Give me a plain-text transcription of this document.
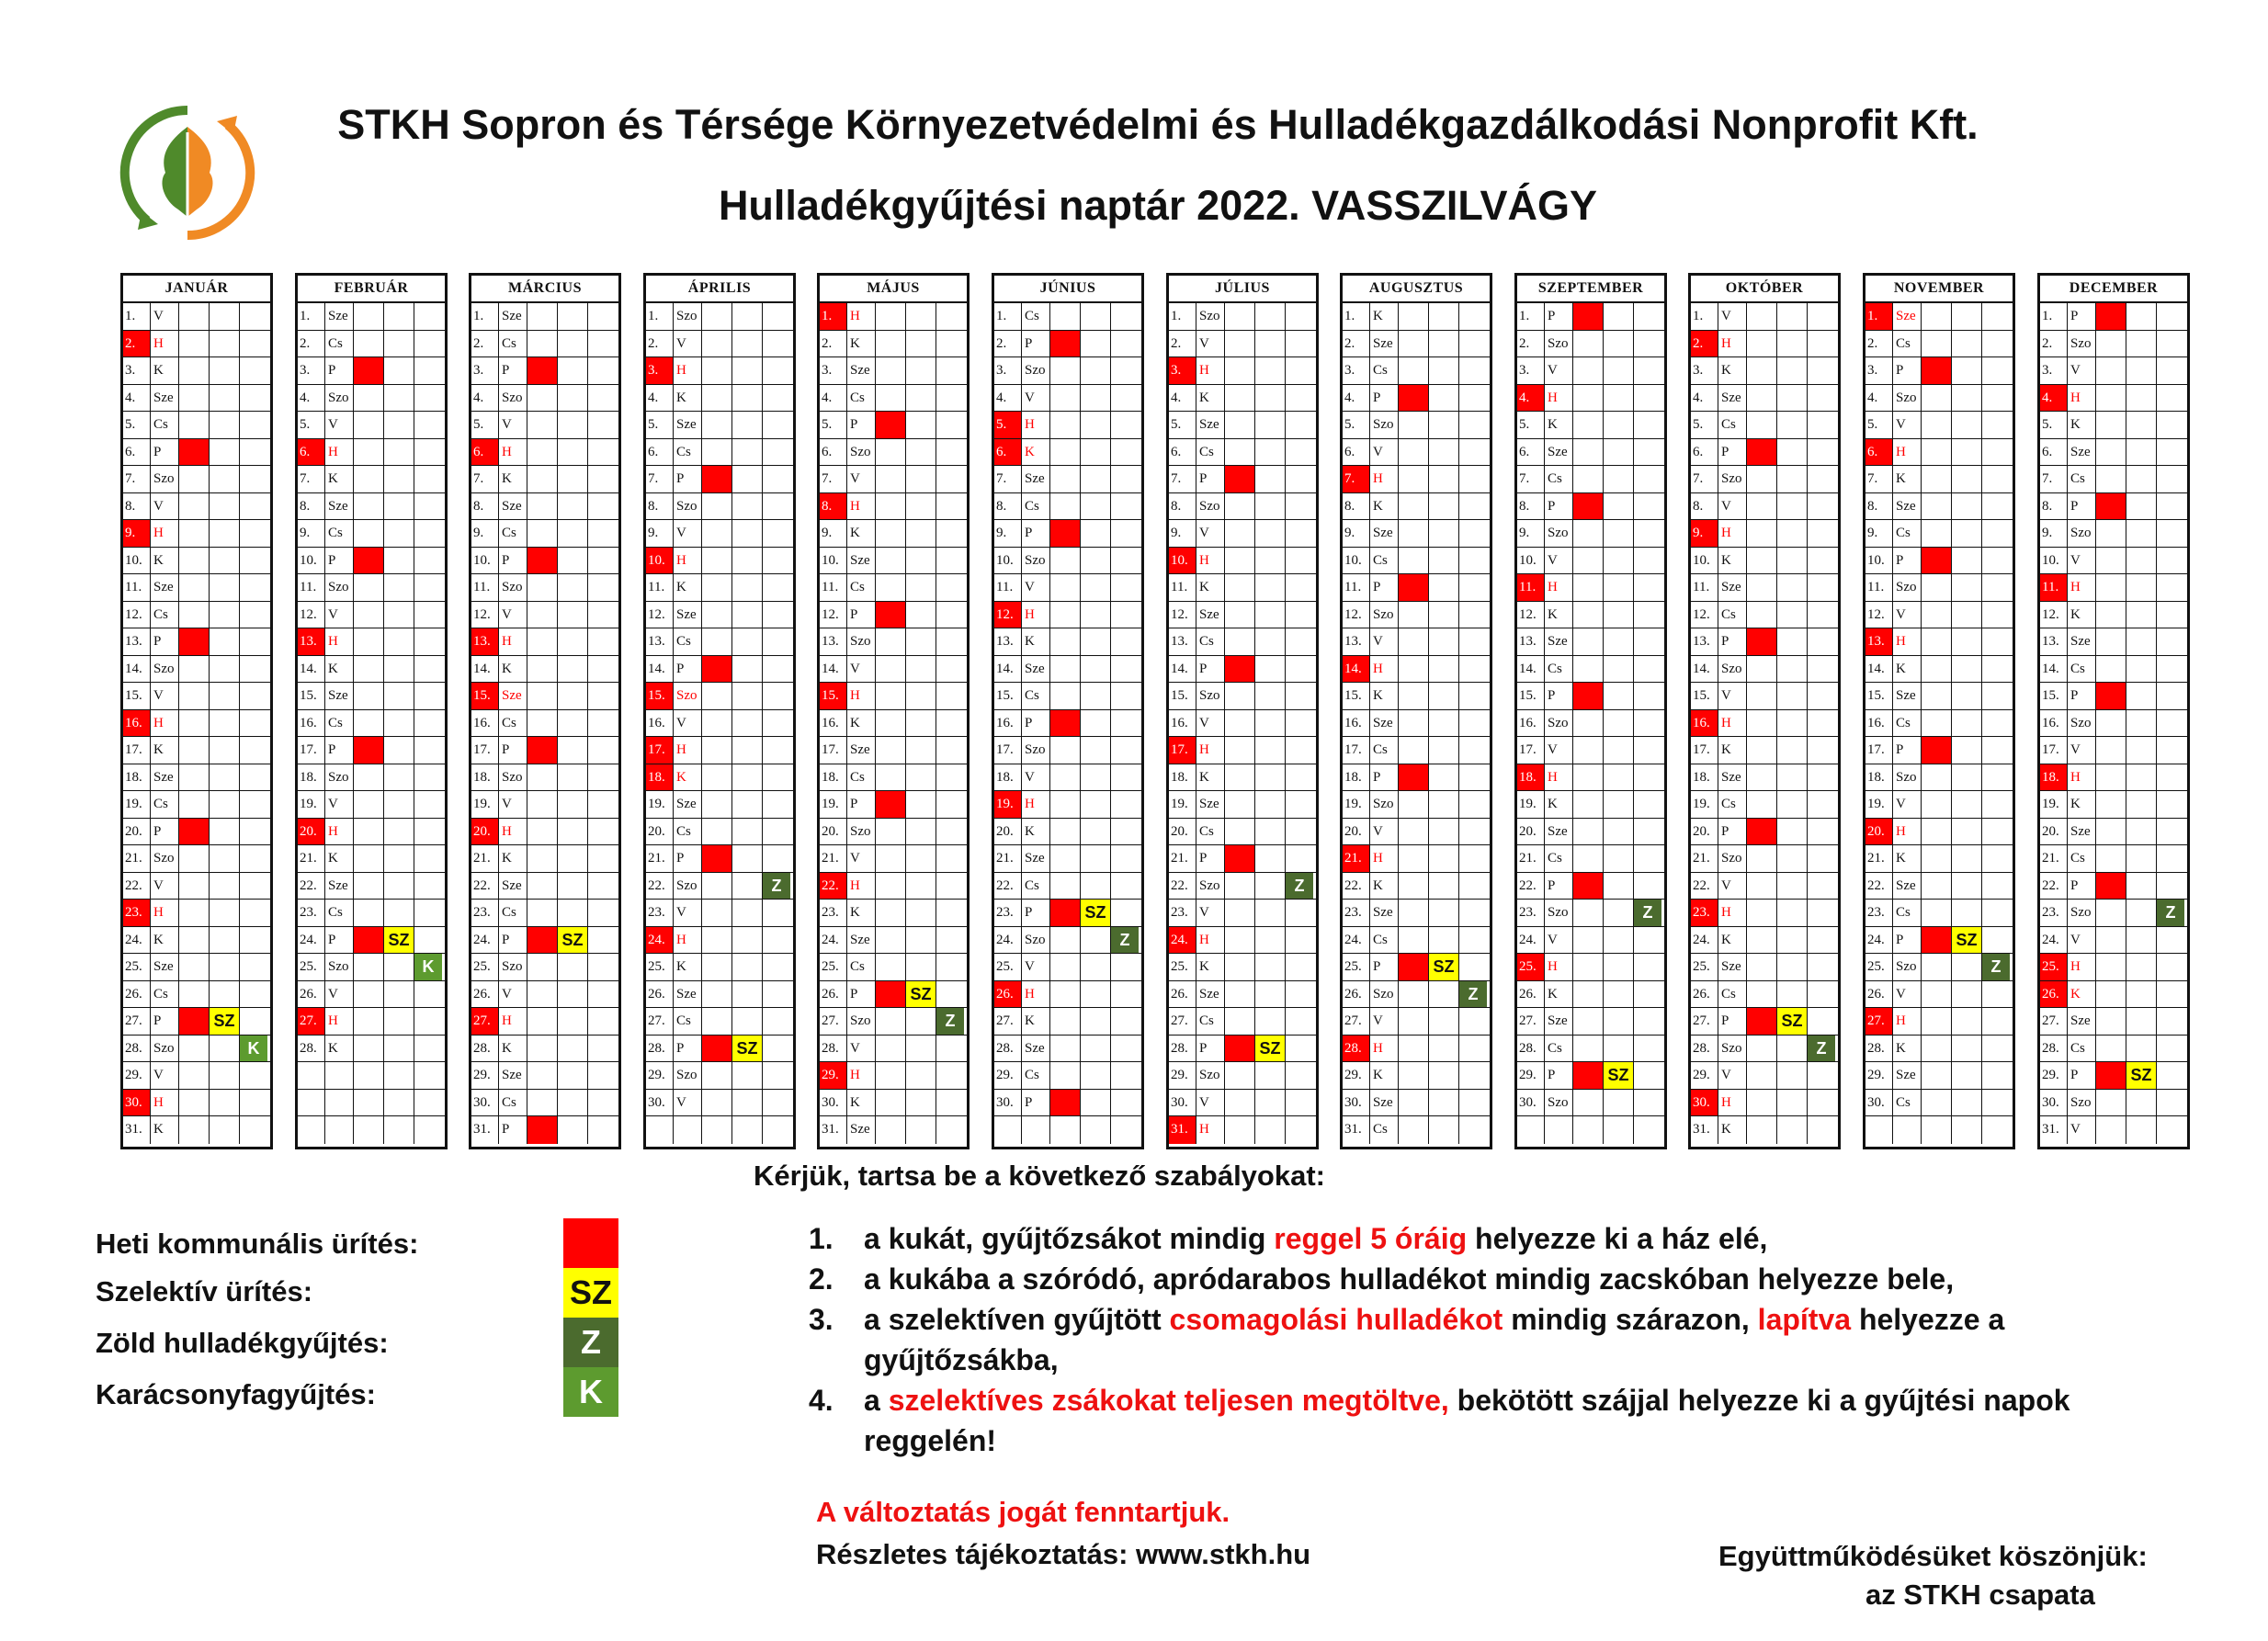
STKH Sopron és Térsége Környezetvédelmi és Hulladékgazdálkodási Nonprofit Kft.
Hulladékgyűjtési naptár 2022. VASSZILVÁGY
JANUÁR
1.	V
2.	H
3.	K
4.	Sze
5.	Cs
6.	P
7.	Szo
8.	V
9.	H
10. K
11. Sze
12. Cs
13. P
14. Szo
15. V
16. H
17. K
18. Sze
19. Cs
20. P
21. Szo
22. V
23. H
24. K
25. Sze
26. Cs
27. P	SZ
28. Szo	K
29. V
30. H
31. K
FEBRUÁR
1.	Sze
2.	Cs
3.	P
4.	Szo
5.	V
6.	H
7.	K
8.	Sze
9.	Cs
10. P
11. Szo
12. V
13. H
14. K
15. Sze
16. Cs
17. P
18. Szo
19. V
20. H
21. K
22. Sze
23. Cs
24. P	SZ
25. Szo	K
26. V
27. H
28. K
MÁRCIUS
1.	Sze
2.	Cs
3.	P
4.	Szo
5.	V
6.	H
7.	K
8.	Sze
9.	Cs
10. P
11. Szo
12. V
13. H
14. K
15. Sze
16. Cs
17. P
18. Szo
19. V
20. H
21. K
22. Sze
23. Cs
24. P	SZ
25. Szo
26. V
27. H
28. K
29. Sze
30. Cs
31. P
ÁPRILIS
1.	Szo
2.	V
3.	H
4.	K
5.	Sze
6.	Cs
7.	P
8.	Szo
9.	V
10. H
11. K
12. Sze
13. Cs
14. P
15. Szo
16. V
17. H
18. K
19. Sze
20. Cs
21. P
22. Szo	Z
23. V
24. H
25. K
26. Sze
27. Cs
28. P	SZ
29. Szo
30. V
MÁJUS
1.	H
2.	K
3.	Sze
4.	Cs
5.	P
6.	Szo
7.	V
8.	H
9.	K
10. Sze
11. Cs
12. P
13. Szo
14. V
15. H
16. K
17. Sze
18. Cs
19. P
20. Szo
21. V
22. H
23. K
24. Sze
25. Cs
26. P	SZ
27. Szo	Z
28. V
29. H
30. K
31. Sze
JÚNIUS
1.	Cs
2.	P
3.	Szo
4.	V
5.	H
6.	K
7.	Sze
8.	Cs
9.	P
10. Szo
11. V
12. H
13. K
14. Sze
15. Cs
16. P
17. Szo
18. V
19. H
20. K
21. Sze
22. Cs
23. P	SZ
24. Szo	Z
25. V
26. H
27. K
28. Sze
29. Cs
30. P
JÚLIUS
1.	Szo
2.	V
3.	H
4.	K
5.	Sze
6.	Cs
7.	P
8.	Szo
9.	V
10. H
11. K
12. Sze
13. Cs
14. P
15. Szo
16. V
17. H
18. K
19. Sze
20. Cs
21. P
22. Szo	Z
23. V
24. H
25. K
26. Sze
27. Cs
28. P	SZ
29. Szo
30. V
31. H
AUGUSZTUS
1.	K
2.	Sze
3.	Cs
4.	P
5.	Szo
6.	V
7.	H
8.	K
9.	Sze
10. Cs
11. P
12. Szo
13. V
14. H
15. K
16. Sze
17. Cs
18. P
19. Szo
20. V
21. H
22. K
23. Sze
24. Cs
25. P	SZ
26. Szo	Z
27. V
28. H
29. K
30. Sze
31. Cs
SZEPTEMBER
1.	P
2.	Szo
3.	V
4.	H
5.	K
6.	Sze
7.	Cs
8.	P
9.	Szo
10. V
11. H
12. K
13. Sze
14. Cs
15. P
16. Szo
17. V
18. H
19. K
20. Sze
21. Cs
22. P
23. Szo	Z
24. V
25. H
26. K
27. Sze
28. Cs
29. P	SZ
30. Szo
OKTÓBER
1.	V
2.	H
3.	K
4.	Sze
5.	Cs
6.	P
7.	Szo
8.	V
9.	H
10. K
11. Sze
12. Cs
13. P
14. Szo
15. V
16. H
17. K
18. Sze
19. Cs
20. P
21. Szo
22. V
23. H
24. K
25. Sze
26. Cs
27. P	SZ
28. Szo	Z
29. V
30. H
31. K
NOVEMBER
1.	Sze
2.	Cs
3.	P
4.	Szo
5.	V
6.	H
7.	K
8.	Sze
9.	Cs
10. P
11. Szo
12. V
13. H
14. K
15. Sze
16. Cs
17. P
18. Szo
19. V
20. H
21. K
22. Sze
23. Cs
24. P	SZ
25. Szo	Z
26. V
27. H
28. K
29. Sze
30. Cs
DECEMBER
1.	P
2.	Szo
3.	V
4.	H
5.	K
6.	Sze
7.	Cs
8.	P
9.	Szo
10. V
11. H
12. K
13. Sze
14. Cs
15. P
16. Szo
17. V
18. H
19. K
20. Sze
21. Cs
22. P
23. Szo	Z
24. V
25. H
26. K
27. Sze
28. Cs
29. P	SZ
30. Szo
31. V
Kérjük, tartsa be a következő szabályokat:
Heti kommunális ürítés:
Szelektív ürítés:
Zöld hulladékgyűjtés:
Karácsonyfagyűjtés:
SZ
Z
K
1. a kukát, gyűjtőzsákot mindig reggel 5 óráig helyezze ki a ház elé,
2. a kukába a szóródó, apródarabos hulladékot mindig zacskóban helyezze bele,
3. a szelektíven gyűjtött csomagolási hulladékot mindig szárazon, lapítva helyezze a gyűjtőzsákba,
4. a szelektíves zsákokat teljesen megtöltve, bekötött szájjal helyezze ki a gyűjtési napok reggelén!
A változtatás jogát fenntartjuk.
Részletes tájékoztatás: www.stkh.hu	Együttműködésüket köszönjük:
az STKH csapata
